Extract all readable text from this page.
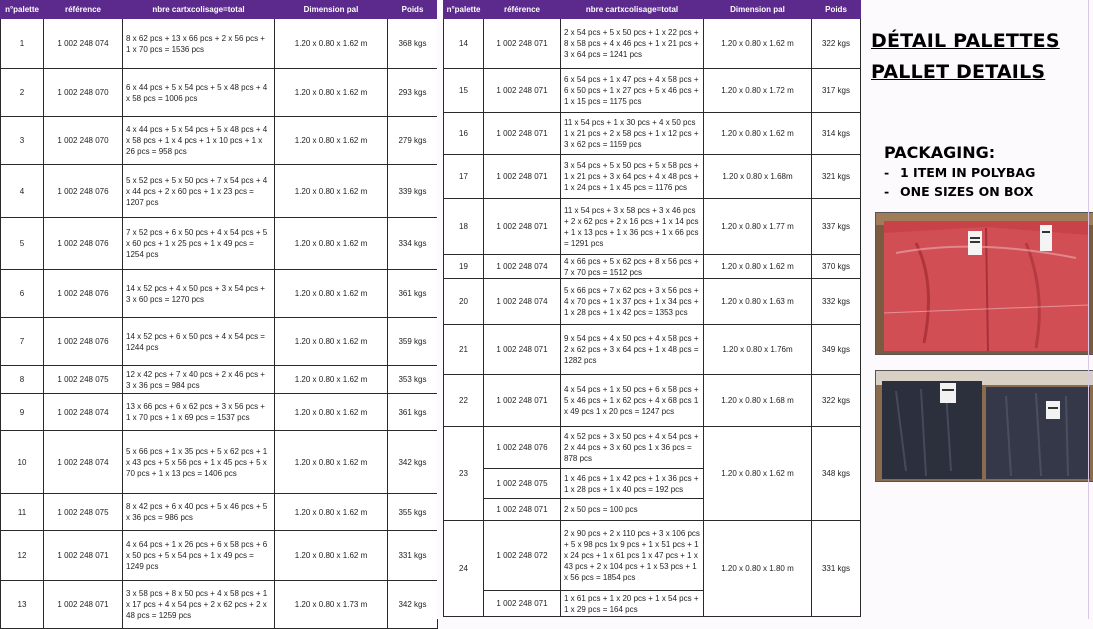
n°palette	référence	nbre cartxcolisage=total	Dimension pal	Poids
1	1 002 248 074	8 x 62 pcs + 13 x 66 pcs + 2 x 56 pcs + 1 x 70 pcs = 1536 pcs	1.20 x 0.80 x 1.62 m	368 kgs
2	1 002 248 070	6 x 44 pcs + 5 x 54 pcs + 5 x 48 pcs + 4 x 58 pcs = 1006 pcs	1.20 x 0.80 x 1.62 m	293 kgs
3	1 002 248 070	4 x 44 pcs + 5 x 54 pcs + 5 x 48 pcs + 4 x 58 pcs + 1 x 4 pcs + 1 x 10 pcs + 1 x 26 pcs = 958 pcs	1.20 x 0.80 x 1.62 m	279 kgs
4	1 002 248 076	5 x 52 pcs + 5 x 50 pcs + 7 x 54 pcs + 4 x 44 pcs + 2 x 60 pcs + 1 x 23 pcs = 1207 pcs	1.20 x 0.80 x 1.62 m	339 kgs
5	1 002 248 076	7 x 52 pcs + 6 x 50 pcs + 4 x 54 pcs + 5 x 60 pcs + 1 x 25 pcs + 1 x 49 pcs = 1254 pcs	1.20 x 0.80 x 1.62 m	334 kgs
6	1 002 248 076	14 x 52 pcs + 4 x 50 pcs + 3 x 54 pcs + 3 x 60 pcs = 1270 pcs	1.20 x 0.80 x 1.62 m	361 kgs
7	1 002 248 076	14 x 52 pcs + 6 x 50 pcs + 4 x 54 pcs = 1244 pcs	1.20 x 0.80 x 1.62 m	359 kgs
8	1 002 248 075	12 x 42 pcs + 7 x 40 pcs + 2 x 46 pcs + 3 x 36 pcs = 984 pcs	1.20 x 0.80 x 1.62 m	353 kgs
9	1 002 248 074	13 x 66 pcs + 6 x 62 pcs + 3 x 56 pcs + 1 x 70 pcs + 1 x 69 pcs = 1537 pcs	1.20 x 0.80 x 1.62 m	361 kgs
10	1 002 248 074	5 x 66 pcs + 1 x 35 pcs + 5 x 62 pcs + 1 x 43 pcs + 5 x 56 pcs + 1 x 45 pcs + 5 x 70 pcs + 1 x 13 pcs = 1406 pcs	1.20 x 0.80 x 1.62 m	342 kgs
11	1 002 248 075	8 x 42 pcs + 6 x 40 pcs + 5 x 46 pcs + 5 x 36 pcs = 986 pcs	1.20 x 0.80 x 1.62 m	355 kgs
12	1 002 248 071	4 x 64 pcs + 1 x 26 pcs + 6 x 58 pcs + 6 x 50 pcs + 5 x 54 pcs + 1 x 49 pcs = 1249 pcs	1.20 x 0.80 x 1.62 m	331 kgs
13	1 002 248 071	3 x 58 pcs + 8 x 50 pcs + 4 x 58 pcs + 1 x 17 pcs + 4 x 54 pcs + 2 x 62 pcs + 2 x 48 pcs = 1259 pcs	1.20 x 0.80 x 1.73 m	342 kgs
n°palette	référence	nbre cartxcolisage=total	Dimension pal	Poids
14	1 002 248 071	2 x 54 pcs + 5 x 50 pcs + 1 x 22 pcs + 8 x 58 pcs + 4 x 46 pcs + 1 x 21 pcs + 3 x 64 pcs = 1241 pcs	1.20 x 0.80 x 1.62 m	322 kgs
15	1 002 248 071	6 x 54 pcs + 1 x 47 pcs + 4 x 58 pcs + 6 x 50 pcs + 1 x 27 pcs + 5 x 46 pcs + 1 x 15 pcs = 1175 pcs	1.20 x 0.80 x 1.72 m	317 kgs
16	1 002 248 071	11 x 54 pcs + 1 x 30 pcs + 4 x 50 pcs 1 x 21 pcs + 2 x 58 pcs + 1 x 12 pcs + 3 x 62 pcs = 1159 pcs	1.20 x 0.80 x 1.62 m	314 kgs
17	1 002 248 071	3 x 54 pcs + 5 x 50 pcs + 5 x 58 pcs + 1 x 21 pcs + 3 x 64 pcs + 4 x 48 pcs + 1 x 24 pcs + 1 x 45 pcs = 1176 pcs	1.20 x 0.80 x 1.68m	321 kgs
18	1 002 248 071	11 x 54 pcs + 3 x 58 pcs + 3 x 46 pcs + 2 x 62 pcs + 2 x 16 pcs + 1 x 14 pcs + 1 x 13 pcs + 1 x 36 pcs + 1 x 66 pcs = 1291 pcs	1.20 x 0.80 x 1.77 m	337 kgs
19	1 002 248 074	4 x 66 pcs + 5 x 62 pcs + 8 x 56 pcs + 7 x 70 pcs = 1512 pcs	1.20 x 0.80 x 1.62 m	370 kgs
20	1 002 248 074	5 x 66 pcs + 7 x 62 pcs + 3 x 56 pcs + 4 x 70 pcs + 1 x 37 pcs + 1 x 34 pcs + 1 x 28 pcs + 1 x 42 pcs = 1353 pcs	1.20 x 0.80 x 1.63 m	332 kgs
21	1 002 248 071	9 x 54 pcs + 4 x 50 pcs + 4 x 58 pcs + 2 x 62 pcs + 3 x 64 pcs + 1 x 48 pcs = 1282 pcs	1.20 x 0.80 x 1.76m	349 kgs
22	1 002 248 071	4 x 54 pcs + 1 x 50 pcs + 6 x 58 pcs + 5 x 46 pcs + 1 x 62 pcs + 4 x 68 pcs 1 x 49 pcs 1 x 20 pcs = 1247 pcs	1.20 x 0.80 x 1.68 m	322 kgs
23	1 002 248 076	4 x 52 pcs + 3 x 50 pcs + 4 x 54 pcs + 2 x 44 pcs + 3 x 60 pcs 1 x 36 pcs = 878 pcs	1.20 x 0.80 x 1.62 m	348 kgs
	1 002 248 075	1 x 46 pcs + 1 x 42 pcs + 1 x 36 pcs + 1 x 28 pcs + 1 x 40 pcs = 192 pcs		
	1 002 248 071	2 x 50 pcs = 100 pcs		
24	1 002 248 072	2 x 90 pcs + 2 x 110 pcs + 3 x 106 pcs + 5 x 98 pcs 1x 9 pcs + 1 x 51 pcs + 1 x 24 pcs + 1 x 61 pcs 1 x 47 pcs + 1 x 43 pcs + 2 x 104 pcs + 1 x 53 pcs + 1 x 56 pcs = 1854 pcs	1.20 x 0.80 x 1.80 m	331 kgs
	1 002 248 071	1 x 61 pcs + 1 x 20 pcs + 1 x 54 pcs + 1 x 29 pcs = 164 pcs		
DÉTAIL PALETTES
PALLET DETAILS
PACKAGING:
- 1 ITEM IN POLYBAG
- ONE SIZES ON BOX
